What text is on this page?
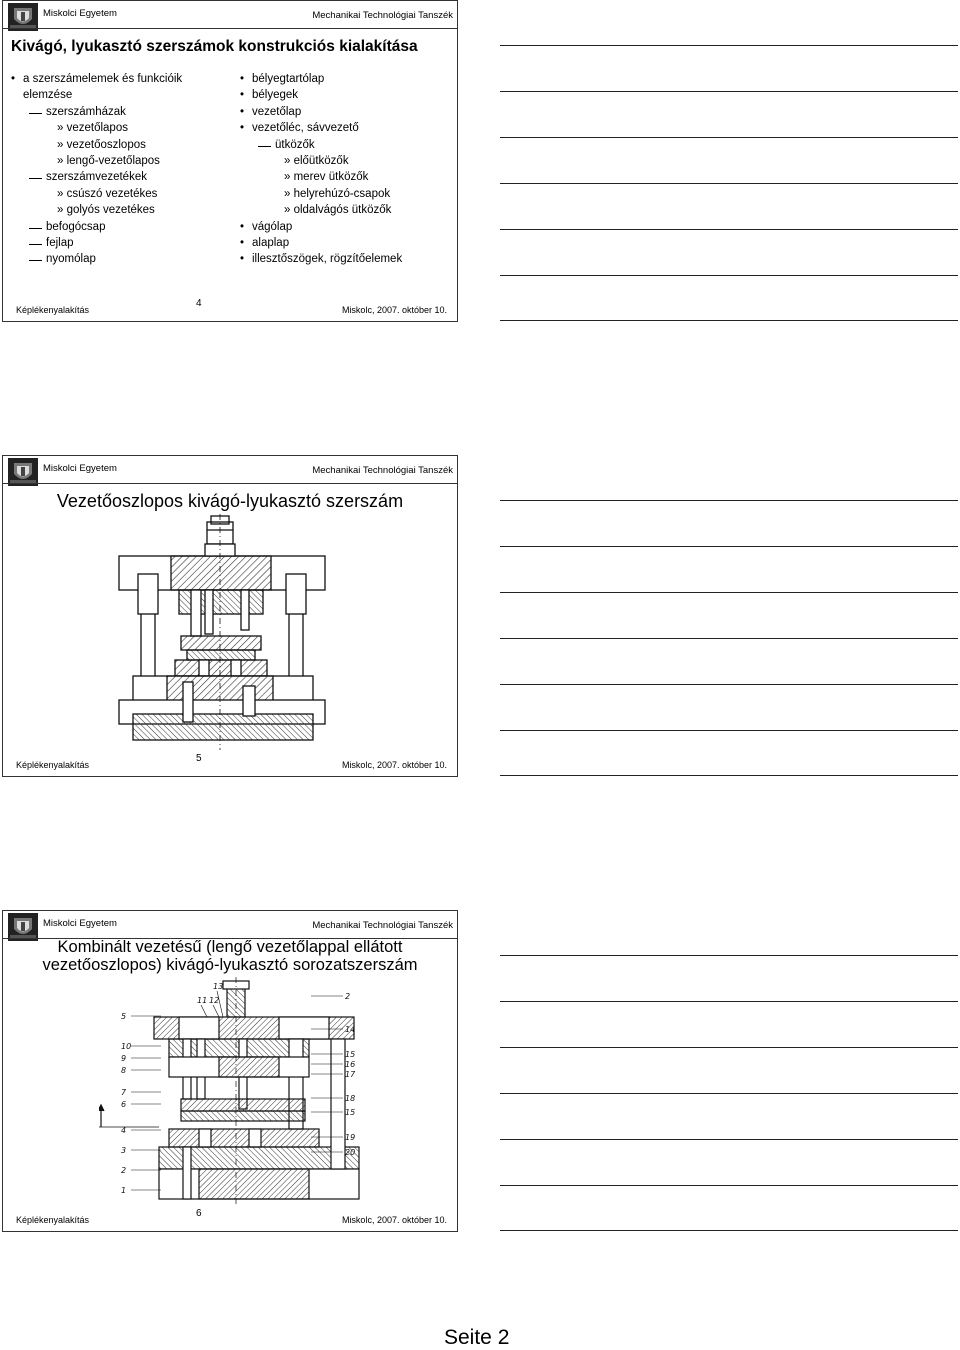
Miskolci Egyetem	Mechanikai Technológiai Tanszék
Kivágó, lyukasztó szerszámok konstrukciós kialakítása
• a szerszámelemek és funkcióik
elemzése
szerszámházak
» vezetőlapos
» vezetőoszlopos
» lengő-vezetőlapos
szerszámvezetékek
» csúszó vezetékes
» golyós vezetékes
befogócsap
fejlap
nyomólap
• bélyegtartólap
• bélyegek
• vezetőlap
• vezetőléc, sávvezető
ütközők
» előütközők
» merev ütközők
» helyrehúzó-csapok
» oldalvágós ütközők
• vágólap
• alaplap
• illesztőszögek, rögzítőelemek
Képlékenyalakítás
4
Miskolc, 2007. október 10.
Miskolci Egyetem	Mechanikai Technológiai Tanszék
Vezetőoszlopos kivágó-lyukasztó szerszám
Képlékenyalakítás
5
Miskolc, 2007. október 10.
Miskolci Egyetem	Mechanikai Technológiai Tanszék
Kombinált vezetésű (lengő vezetőlappal ellátott
vezetőoszlopos) kivágó-lyukasztó sorozatszerszám
5
10
9
8
7
6
4
3
2
1
2
14
15
16
17
18
15
19
20
11 12
13
Képlékenyalakítás
6
Miskolc, 2007. október 10.
Seite 2
